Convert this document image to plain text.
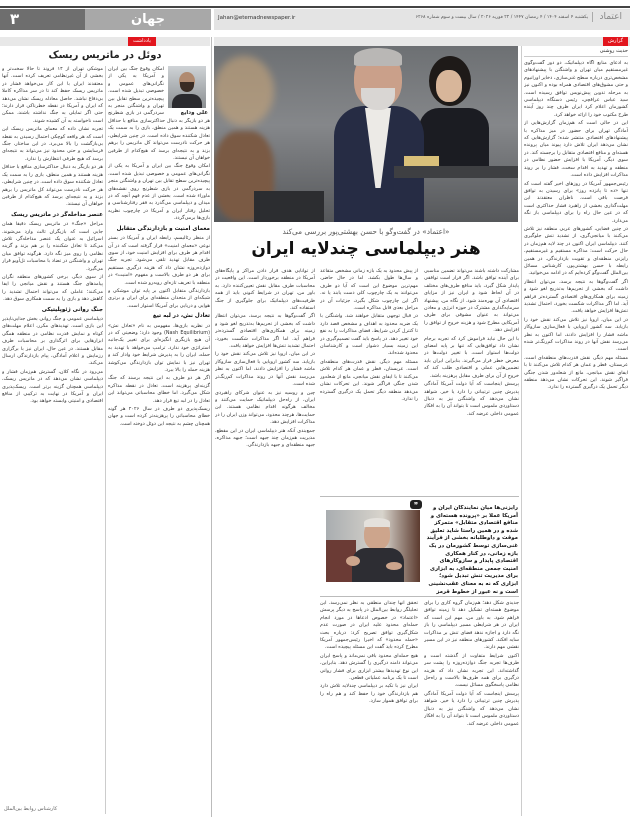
۳	جهان	اعتماد
یکشنبه ۴ اسفند ۱۴۰۴ / ۴ رمضان ۱۴۴۷ / ۲۲ فوریه ۲۰۲۶ / سال بیست و سوم شماره ۶۲۶۸
Jahan@etemadnewspaper.ir
یادداشت	گزارش
دوئل در ماتریس ریسک
علی ودایع

امکان وقوع جنگ بین ایران و آمریکا به یکی از نگرانی‌های عمومی و خصوصی تبدیل شده است. پیچیده‌ترین سطح تقابل بین تهران و واشنگتن منجر به سردرگمی در بازی شطرنج

هر دو بازیگر به دنبال حداکثرسازی منافع با حداقل هزینه هستند و همین منطق، بازی را به سمت یک تعادل شکننده سوق داده است. در چنین شرایطی، هر حرکت نادرست می‌تواند کل ماتریس را برهم بزند و به نتیجه‌ای برسد که هیچ‌کدام از طرفین خواهان آن نیستند.

امکان وقوع جنگ بین ایران و آمریکا به یکی از نگرانی‌های عمومی و خصوصی تبدیل شده است. پیچیده‌ترین سطح تقابل بین تهران و واشنگتن منجر به سردرگمی در بازی شطرنج روی نقشه‌های ماوراء شده است. بخشی از عدم فهم آنچه که در میدان و دیپلماسی می‌گذرد به فقر رفتارشناسی و تحلیل رفتار ایران و آمریکا در چارچوب نظریه بازی‌ها برمی‌گردد.

معمای امنیت و بازدارندگی متقابل

از منظر رئالیسم، رابطه ایران و آمریکا در بستر نوعی «معمای امنیت» قرار گرفته است که در آن اقدام هر طرف برای افزایش امنیت خود، از سوی طرف مقابل تهدید تلقی می‌شود. تجربه جنگ دوازده‌روزه نشان داد که هزینه درگیری مستقیم برای هر دو طرف بالاست و مفهوم «امنیت» در منطقه با تعریف تازه‌ای روبه‌رو شده است.

بازدارندگی متقابل اکنون بر پایه توان موشکی و شبکه‌ای از متحدان منطقه‌ای برای ایران و برتری هوایی و دریایی برای آمریکا استوار است.

تعادل نش، در لبه تیغ

در نظریه بازی‌ها، مفهومی به نام «تعادل نش» (Nash Equilibrium) وجود دارد؛ وضعیتی که در آن هیچ بازیگری انگیزه‌ای برای تغییر یک‌جانبه استراتژی خود ندارد. ترامپ می‌خواهد با تهدید به حمله، ایران را به پذیرش شرایط خود وادار کند و تهران نیز با نمایش توان بازدارندگی می‌کوشد هزینه حمله را بالا ببرد.

اگر هر دو طرف به این نتیجه برسند که جنگ گزینه‌ای پرهزینه است، تعادل در نقطه مذاکره شکل می‌گیرد. اما خطای محاسباتی می‌تواند این تعادل را در لبه تیغ قرار دهد.

ریسک‌پذیری دو طرف در سال ۲۰۲۶ هر گونه خطای محاسباتی را پرهزینه‌تر کرده است و جهان همچنان چشم به نتیجه این دوئل دوخته است.

موشکی تهران از ۱۴ فروند تا حالا سخت‌تر و بخشی از آن غیرنظامی تعریف کرده است. آنها معتقدند ایران با این کار می‌خواهد فشار در ماتریس ریسک حفظ کند تا در سر مذاکره کاملا بی‌دفاع نباشد. حاصل معادله ریسک نشان می‌دهد که ایران و آمریکا در نقطه خطرناکی قرار دارند؛ حتی اگر تمایلی به جنگ نداشته باشند، ممکن است ناخواسته به آن کشیده شوند.

تجربه نشان داده که معمای ماتریس ریسک این است که هر واقعه کوچکی احتمال رسیدن به نقطه بی‌بازگشت را بالا می‌برد. در این ساختار، جنگ فرسایشی و حتی محدود نیز می‌تواند به نتیجه‌ای برسد که هیچ طرفی انتظارش را ندارد.

هر دو بازیگر به دنبال حداکثرسازی منافع با حداقل هزینه هستند و همین منطق، بازی را به سمت یک تعادل شکننده سوق داده است. در چنین شرایطی، هر حرکت نادرست می‌تواند کل ماتریس را برهم بزند و به نتیجه‌ای برسد که هیچ‌کدام از طرفین خواهان آن نیستند.

عنصر مداخله‌گر در ماتریس ریسک

مراحل «جنگ» در ماتریس ریسک دقیقا همان جایی است که بازیگران ثالث وارد می‌شوند. اسرائیل به عنوان یک عنصر مداخله‌گر، تلاش می‌کند تا تعادل شکننده را بر هم بزند و گزینه نظامی را روی میز نگه دارد. هرگونه توافق میان تهران و واشنگتن در تضاد با محاسبات تل‌آویو قرار می‌گیرد.

از سوی دیگر، برخی کشورهای منطقه نگران پیامدهای جنگ هستند و نقش میانجی را ایفا می‌کنند؛ عاملی که می‌تواند احتمال تشدید را کاهش دهد و بازی را به سمت همکاری سوق دهد.

جنگ روانی ژئوپلیتیکی

دیپلماسی عمومی و جنگ روانی بخش جدایی‌ناپذیر این بازی است. تهدیدهای مکرر، اعلام مهلت‌های کوتاه و نمایش قدرت نظامی در منطقه همگی ابزارهایی برای اثرگذاری بر محاسبات طرف مقابل هستند. در عین حال، ایران نیز با برگزاری رزمایش و اعلام آمادگی، پیام بازدارندگی ارسال می‌کند.

می‌رود در نگاه کلان، گسترش هم‌زمان فشار و دیپلماسی نشان می‌دهد که در ماتریس ریسک، دیپلماسی همچنان گزینه برتر است. ریسک‌پذیری ایران و آمریکا در نهایت به ترکیبی از منافع اقتصادی و امنیتی وابسته خواهد بود.

کارشناس روابط بین‌الملل
«اعتماد» در گفت‌وگو با حسن بهشتی‌پور بررسی می‌کند
هنر دیپلماسی چندلایه ایران
حدیث روشنی

به ادعای منابع آگاه دیپلماتیک، دو دور گفت‌وگوی غیرمستقیم میان تهران و واشنگتن با پیشنهادهای مشخص‌تری درباره سطح غنی‌سازی، ذخایر اورانیوم و حتی مشوق‌های اقتصادی همراه بوده و اکنون نیز به مرحله تدوین پیش‌نویس توافق رسیده است. سید عباس عراقچی، رئیس دستگاه دیپلماسی کشورمان اعلام کرد ایران ظرف چند روز آینده طرح مکتوب خود را ارائه خواهد کرد.

این در حالی است که هم‌زمان گزارش‌هایی از آمادگی تهران برای حضور در میز مذاکره با پیشنهادهای اقتصادی منتشر شده؛ گزارش‌هایی که نشان می‌دهد ایران تلاش دارد پیوند میان پرونده هسته‌ای و منافع اقتصادی متقابل را برجسته کند. در سوی دیگر، آمریکا با افزایش حضور نظامی در منطقه و تهدید به اقدام سخت، فشار را بر روند مذاکرات افزایش داده است.

رئیس‌جمهور آمریکا در روزهای اخیر گفته است که تنها «ده تا پانزده روز» برای رسیدن به توافق فرصت باقی است. ناظران معتقدند این مهلت‌گذاری بخشی از راهبرد فشار حداکثری است که در عین حال راه را برای دیپلماسی باز نگه می‌دارد.

در چنین فضایی، کشورهای عربی منطقه نیز تلاش می‌کنند با میانجی‌گری، از تشدید تنش جلوگیری کنند. دیپلماسی ایران اکنون در چند لایه هم‌زمان در حال حرکت است: مذاکره مستقیم و غیرمستقیم، رایزنی منطقه‌ای و تقویت بازدارندگی. در همین رابطه با حسن بهشتی‌پور، کارشناس مسائل بین‌الملل گفت‌وگو کرده‌ایم که در ادامه می‌خوانید.

اگر گفت‌وگوها به نتیجه برسد، می‌توان انتظار داشت که بخشی از تحریم‌ها به‌تدریج لغو شود و زمینه برای همکاری‌های اقتصادی گسترده‌تر فراهم آید. اما اگر مذاکرات شکست بخورد، احتمال تشدید تنش‌ها افزایش خواهد یافت.

در این میان، اروپا نیز تلاش می‌کند نقش خود را بازیابد. سه کشور اروپایی با فعال‌سازی سازوکار ماشه فشار را افزایش دادند، اما اکنون به نظر می‌رسد نقش آنها در روند مذاکرات کم‌رنگ‌تر شده است.

مسئله مهم دیگر، نقش قدرت‌های منطقه‌ای است. عربستان، قطر و عمان هر کدام تلاش می‌کنند تا با ایفای نقش میانجی، مانع از شعله‌ور شدن جنگی فراگیر شوند. این تحرکات نشان می‌دهد منطقه دیگر تحمل یک درگیری گسترده را ندارد.

مشارکت داشته باشند می‌تواند تضمین مناسبی برای آینده توافق باشد. اگر قرار است توافقی پایدار شکل گیرد، باید منافع طرف‌های مختلف در آن لحاظ شود و ایران نیز از مزایای اقتصادی آن بهره‌مند شود. از نگاه من، پیشنهاد سرمایه‌گذاری مشترک در حوزه انرژی و معادن می‌تواند به عنوان مشوقی برای طرف آمریکایی مطرح شود و هزینه خروج از توافق را افزایش دهد.

با این حال نباید فراموش کرد که تجربه برجام نشان داد توافق‌هایی که تنها بر پایه امضای دولت‌ها استوار است، با تغییر دولت‌ها در معرض خطر قرار می‌گیرند. بنابراین ایران باید تضمین‌هایی عملی و اقتصادی طلب کند که خروج از آن برای طرف مقابل پرهزینه باشد.

پرسش اینجاست که آیا دولت آمریکا آمادگی پذیرش چنین ترتیباتی را دارد یا خیر. شواهد نشان می‌دهد که واشنگتن نیز به دنبال دستاوردی ملموس است تا بتواند آن را به افکار عمومی داخلی عرضه کند.

از پیش محدود به یک بازه زمانی مشخص متقاعد و سال‌ها طول بکشد. اما در حال حاضر، مهم‌ترین موضوع این است که آیا دو طرف می‌توانند به یک چارچوب کلی دست یابند یا نه. اگر این چارچوب شکل بگیرد، جزئیات آن در مراحل بعدی قابل مذاکره است.

در قبال توجهی متقابل خواهند شد. واشنگتن با یک ضربه محدود به اهداف و مشخص قصد دارد تا کنترل کردن شرایط، فضای مذاکرات را به نفع خود تغییر دهد. در پاسخ باید گفت تصمیم‌گیری در این زمینه بسیار دشوار است و کارشناسان محدود شده‌اند.

مسئله مهم دیگر، نقش قدرت‌های منطقه‌ای است. عربستان، قطر و عمان هر کدام تلاش می‌کنند تا با ایفای نقش میانجی، مانع از شعله‌ور شدن جنگی فراگیر شوند. این تحرکات نشان می‌دهد منطقه دیگر تحمل یک درگیری گسترده را ندارد.

از توانایی هدف قرار دادن مراکز و پایگاه‌های آمریکا در منطقه برخوردار است. این واقعیت در محاسبات طرف مقابل نقش تعیین‌کننده دارد. به باور من، تهران در شرایط کنونی باید از همه ظرفیت‌های دیپلماتیک برای جلوگیری از جنگ استفاده کند.

اگر گفت‌وگوها به نتیجه برسد، می‌توان انتظار داشت که بخشی از تحریم‌ها به‌تدریج لغو شود و زمینه برای همکاری‌های اقتصادی گسترده‌تر فراهم آید. اما اگر مذاکرات شکست بخورد، احتمال تشدید تنش‌ها افزایش خواهد یافت.

در این میان، اروپا نیز تلاش می‌کند نقش خود را بازیابد. سه کشور اروپایی با فعال‌سازی سازوکار ماشه فشار را افزایش دادند، اما اکنون به نظر می‌رسد نقش آنها در روند مذاکرات کم‌رنگ‌تر شده است.

چین و روسیه نیز به عنوان شرکای راهبردی ایران، از راه‌حل دیپلماتیک حمایت می‌کنند و مخالف هرگونه اقدام نظامی هستند. این حمایت‌ها، هرچند محدود، می‌تواند وزن ایران را در مذاکرات افزایش دهد.

جمع‌بندی آنکه هنر دیپلماسی ایران در این مقطع، مدیریت هم‌زمان چند جبهه است؛ جبهه مذاکره، جبهه منطقه‌ای و جبهه بازدارندگی.

❞	رایزنی‌ها میان نمایندگان ایران و آمریکا عملا بر «پرونده هسته‌ای و منافع اقتصادی متقابل» متمرکز شده و در همین راستا شاید تعلیق موقت و داوطلبانه بخشی از فرآیند غنی‌سازی توسط کشورمان در یک بازه زمانی، در کنار همکاری اقتصادی پایدار و سازوکارهای امنیت جمعی منطقه‌ای، به ابزاری برای مدیریت تنش تبدیل شود؛ ابزاری که نه به معنای عقب‌نشینی است و نه عبور از خطوط قرمز

جدیدی شکل دهد؛ هم‌زمان گروه کاری را برای موضوع هسته‌ای تشکیل دهد تا زمینه توافق فراهم شود. به باور من، مهم این است که ایران در هر شرایطی مسیر دیپلماسی را باز نگه دارد و اجازه ندهد فضای تنش بر مذاکرات سایه افکند. کشورهای منطقه نیز در این مسیر نقشی مهم دارند.

اکنون شرایط متفاوت از گذشته است و طرف‌ها تجربه جنگ دوازده‌روزه را پشت سر گذاشته‌اند. این تجربه نشان داد که هزینه درگیری برای همه طرف‌ها بالاست و راه‌حل نظامی پاسخگوی مسائل نیست.

پرسش اینجاست که آیا دولت آمریکا آمادگی پذیرش چنین ترتیباتی را دارد یا خیر. شواهد نشان می‌دهد که واشنگتن نیز به دنبال دستاوردی ملموس است تا بتواند آن را به افکار عمومی داخلی عرضه کند.

تحقق آنها چندان منطقی به نظر نمی‌رسد. این تحلیلگر روابط بین‌الملل در پاسخ به دیگر پرسش «اعتماد» در خصوص ادعاها در مورد انجام حمله‌ای محدود علیه ایران در صورت عدم شکل‌گیری توافق تصریح کرد: درباره بحث «حمله محدود» که اخیرا رئیس‌جمهور آمریکا مطرح کرده باید گفت این مسئله پیچیده است.

هیچ حمله‌ای محدود باقی نمی‌ماند و پاسخ ایران می‌تواند دامنه درگیری را گسترش دهد. بنابراین، این نوع تهدیدها بیشتر ابزاری برای فشار روانی است تا یک برنامه عملیاتی قطعی.

ایران نیز با تکیه بر دیپلماسی چندلایه تلاش دارد هم بازدارندگی خود را حفظ کند و هم راه را برای توافق هموار سازد.
